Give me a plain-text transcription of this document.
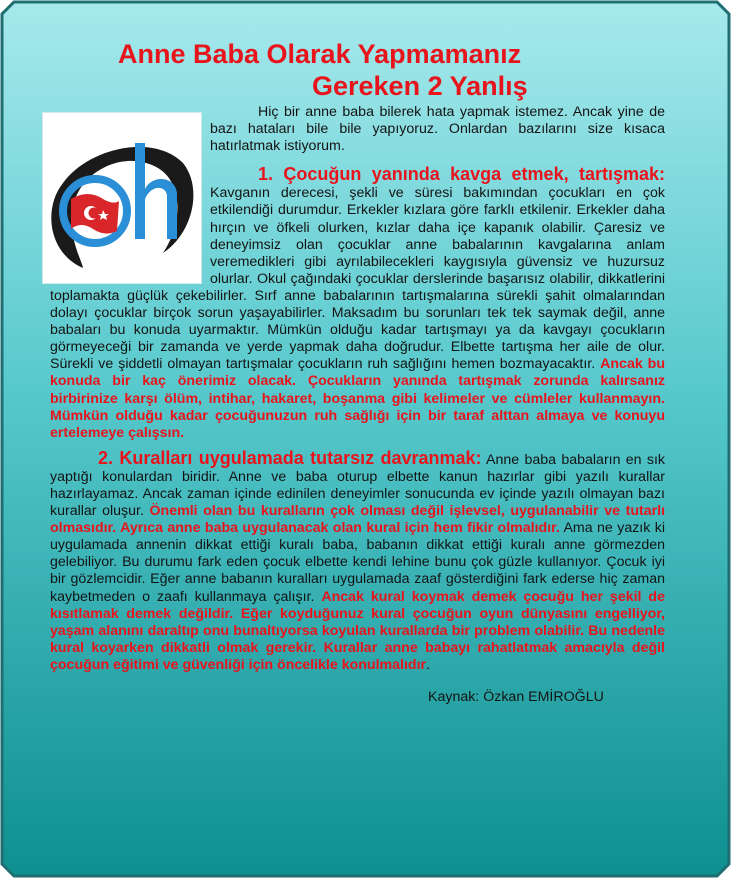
Anne Baba Olarak Yapmamanız
Gereken 2 Yanlış

Hiç bir anne baba bilerek hata yapmak istemez. Ancak yine de bazı hataları bile bile yapıyoruz. Onlardan bazılarını size kısaca hatırlatmak istiyorum.

1. Çocuğun yanında kavga etmek, tartışmak: Kavganın derecesi, şekli ve süresi bakımından çocukları en çok etkilendiği durumdur. Erkekler kızlara göre farklı etkilenir. Erkekler daha hırçın ve öfkeli olurken, kızlar daha içe kapanık olabilir. Çaresiz ve deneyimsiz olan çocuklar anne babalarının kavgalarına anlam veremedikleri gibi ayrılabilecekleri kaygısıyla güvensiz ve huzursuz olurlar. Okul çağındaki çocuklar derslerinde başarısız olabilir, dikkatlerini toplamakta güçlük çekebilirler. Sırf anne babalarının tartışmalarına sürekli şahit olmalarından dolayı çocuklar birçok sorun yaşayabilirler. Maksadım bu sorunları tek tek saymak değil, anne babaları bu konuda uyarmaktır. Mümkün olduğu kadar tartışmayı ya da kavgayı çocukların görmeyeceği bir zamanda ve yerde yapmak daha doğrudur. Elbette tartışma her aile de olur. Sürekli ve şiddetli olmayan tartışmalar çocukların ruh sağlığını hemen bozmayacaktır. Ancak bu konuda bir kaç önerimiz olacak. Çocukların yanında tartışmak zorunda kalırsanız birbirinize karşı ölüm, intihar, hakaret, boşanma gibi kelimeler ve cümleler kullanmayın. Mümkün olduğu kadar çocuğunuzun ruh sağlığı için bir taraf alttan almaya ve konuyu ertelemeye çalışsın.

2. Kuralları uygulamada tutarsız davranmak: Anne baba babaların en sık yaptığı konulardan biridir. Anne ve baba oturup elbette kanun hazırlar gibi yazılı kurallar hazırlayamaz. Ancak zaman içinde edinilen deneyimler sonucunda ev içinde yazılı olmayan bazı kurallar oluşur. Önemli olan bu kuralların çok olması değil işlevsel, uygulanabilir ve tutarlı olmasıdır. Ayrıca anne baba uygulanacak olan kural için hem fikir olmalıdır. Ama ne yazık ki uygulamada annenin dikkat ettiği kuralı baba, babanın dikkat ettiği kuralı anne görmezden gelebiliyor. Bu durumu fark eden çocuk elbette kendi lehine bunu çok güzle kullanıyor. Çocuk iyi bir gözlemcidir. Eğer anne babanın kuralları uygulamada zaaf gösterdiğini fark ederse hiç zaman kaybetmeden o zaafı kullanmaya çalışır. Ancak kural koymak demek çocuğu her şekil de kısıtlamak demek değildir. Eğer koyduğunuz kural çocuğun oyun dünyasını engelliyor, yaşam alanını daraltıp onu bunaltıyorsa koyulan kurallarda bir problem olabilir. Bu nedenle kural koyarken dikkatli olmak gerekir. Kurallar anne babayı rahatlatmak amacıyla değil çocuğun eğitimi ve güvenliği için öncelikle konulmalıdır.

Kaynak: Özkan EMİROĞLU
